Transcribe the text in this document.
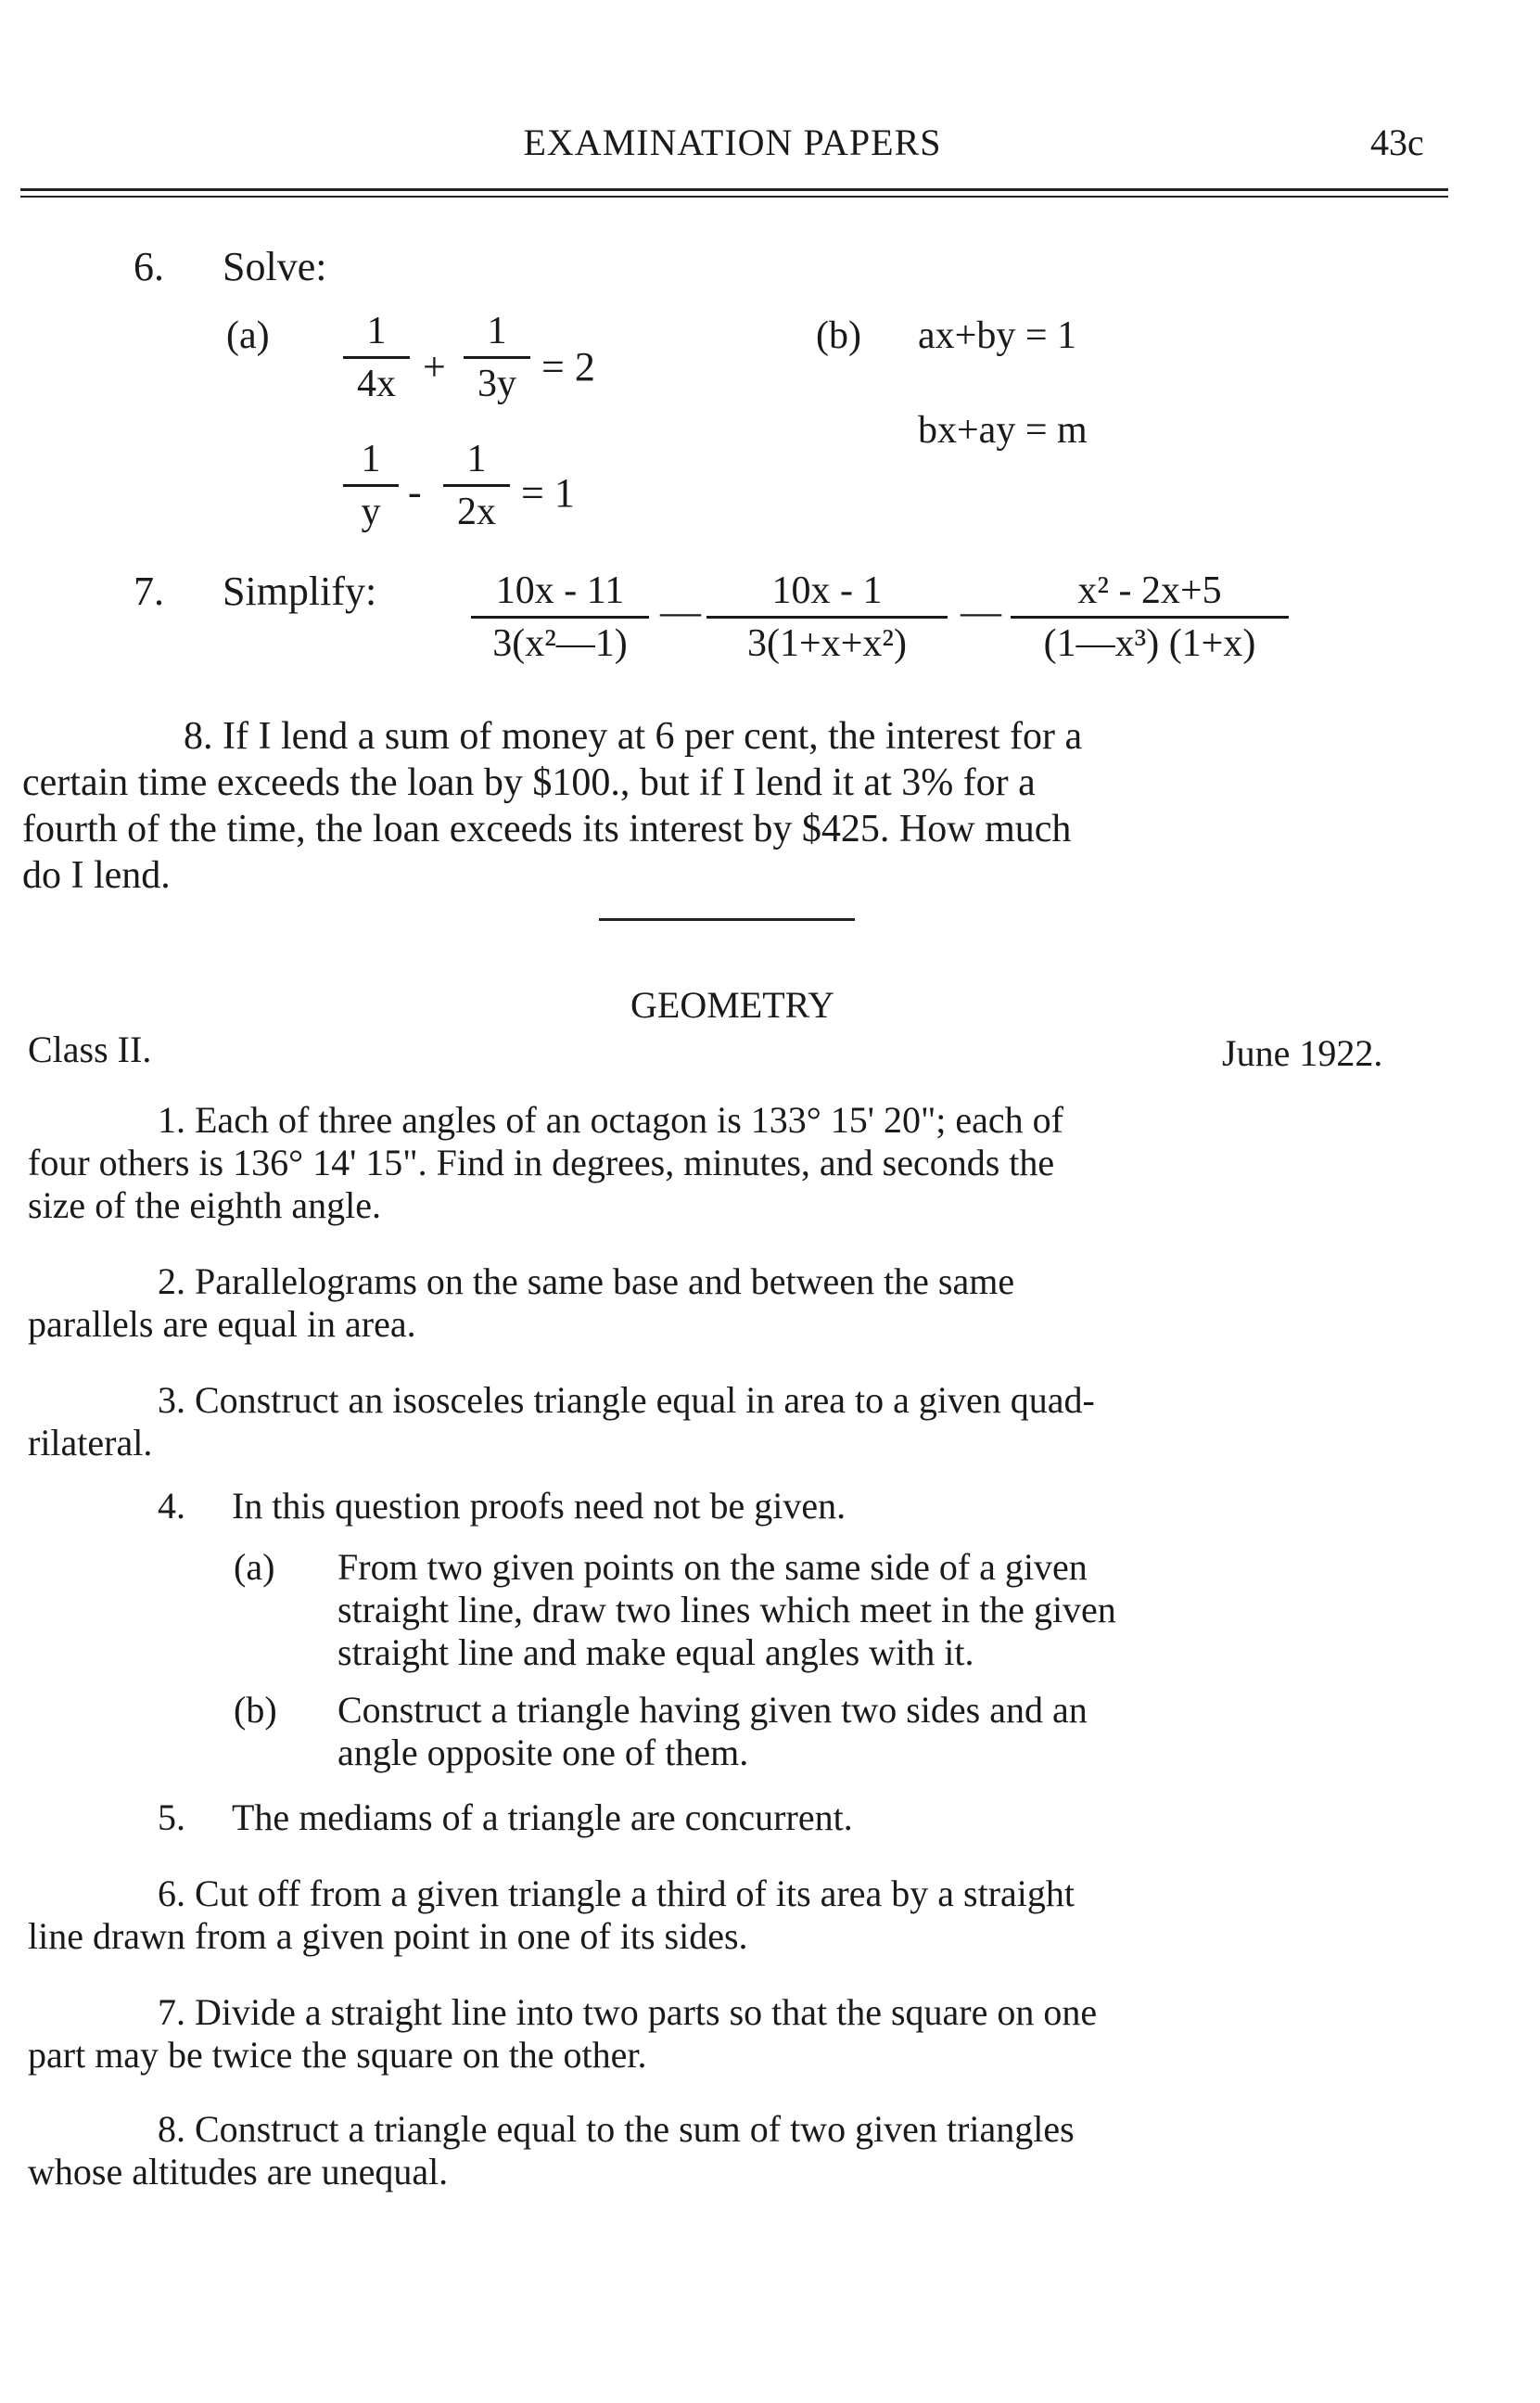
EXAMINATION PAPERS	43c
6. Solve:
(a)	1
4x +
1
3y = 2
1
y -
1
2x = 1
(b) ax+by = 1
bx+ay = m
7. Simplify:	10x - 11
3(x²—1)
—	10x - 1
3(1+x+x²)
—	x² - 2x+5
(1—x³) (1+x)
8. If I lend a sum of money at 6 per cent, the interest for a
certain time exceeds the loan by $100., but if I lend it at 3% for a
fourth of the time, the loan exceeds its interest by $425. How much
do I lend.
GEOMETRY
Class II.	June 1922.
1. Each of three angles of an octagon is 133° 15' 20"; each of
four others is 136° 14' 15". Find in degrees, minutes, and seconds the
size of the eighth angle.
2. Parallelograms on the same base and between the same
parallels are equal in area.
3. Construct an isosceles triangle equal in area to a given quad-
rilateral.
4. In this question proofs need not be given.
(a) From two given points on the same side of a given
straight line, draw two lines which meet in the given
straight line and make equal angles with it.
(b) Construct a triangle having given two sides and an
angle opposite one of them.
5. The mediams of a triangle are concurrent.
6. Cut off from a given triangle a third of its area by a straight
line drawn from a given point in one of its sides.
7. Divide a straight line into two parts so that the square on one
part may be twice the square on the other.
8. Construct a triangle equal to the sum of two given triangles
whose altitudes are unequal.
